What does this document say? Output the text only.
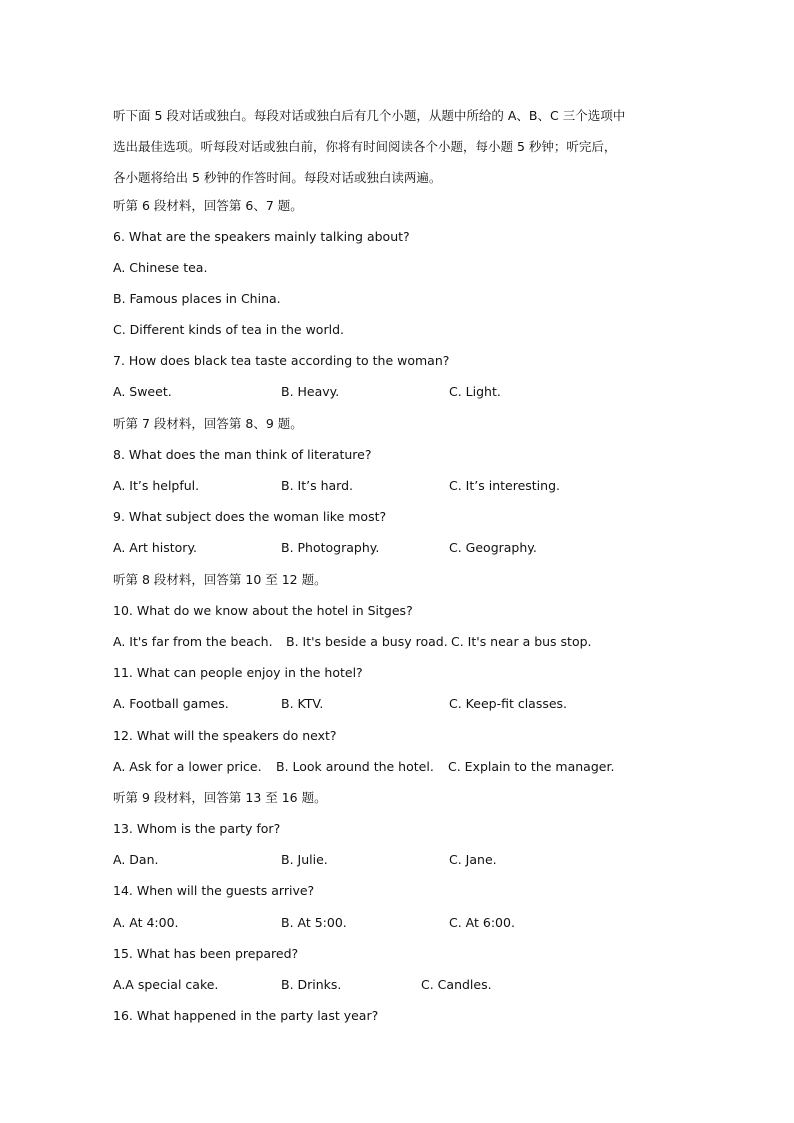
听下面 5 段对话或独白。每段对话或独白后有几个小题，从题中所给的 A、B、C 三个选项中
选出最佳选项。听每段对话或独白前，你将有时间阅读各个小题，每小题 5 秒钟；听完后，
各小题将给出 5 秒钟的作答时间。每段对话或独白读两遍。
听第 6 段材料，回答第 6、7 题。
6. What are the speakers mainly talking about?
A. Chinese tea.
B. Famous places in China.
C. Different kinds of tea in the world.
7. How does black tea taste according to the woman?
A. Sweet.	B. Heavy.	C. Light.
听第 7 段材料，回答第 8、9 题。
8. What does the man think of literature?
A. It’s helpful.	B. It’s hard.	C. It’s interesting.
9. What subject does the woman like most?
A. Art history.	B. Photography.	C. Geography.
听第 8 段材料，回答第 10 至 12 题。
10. What do we know about the hotel in Sitges?
A. It's far from the beach. B. It's beside a busy road. C. It's near a bus stop.
11. What can people enjoy in the hotel?
A. Football games.	B. KTV.	C. Keep-fit classes.
12. What will the speakers do next?
A. Ask for a lower price. B. Look around the hotel. C. Explain to the manager.
听第 9 段材料，回答第 13 至 16 题。
13. Whom is the party for?
A. Dan.	B. Julie.	C. Jane.
14. When will the guests arrive?
A. At 4:00.	B. At 5:00.	C. At 6:00.
15. What has been prepared?
A.A special cake.	B. Drinks.	C. Candles.
16. What happened in the party last year?
